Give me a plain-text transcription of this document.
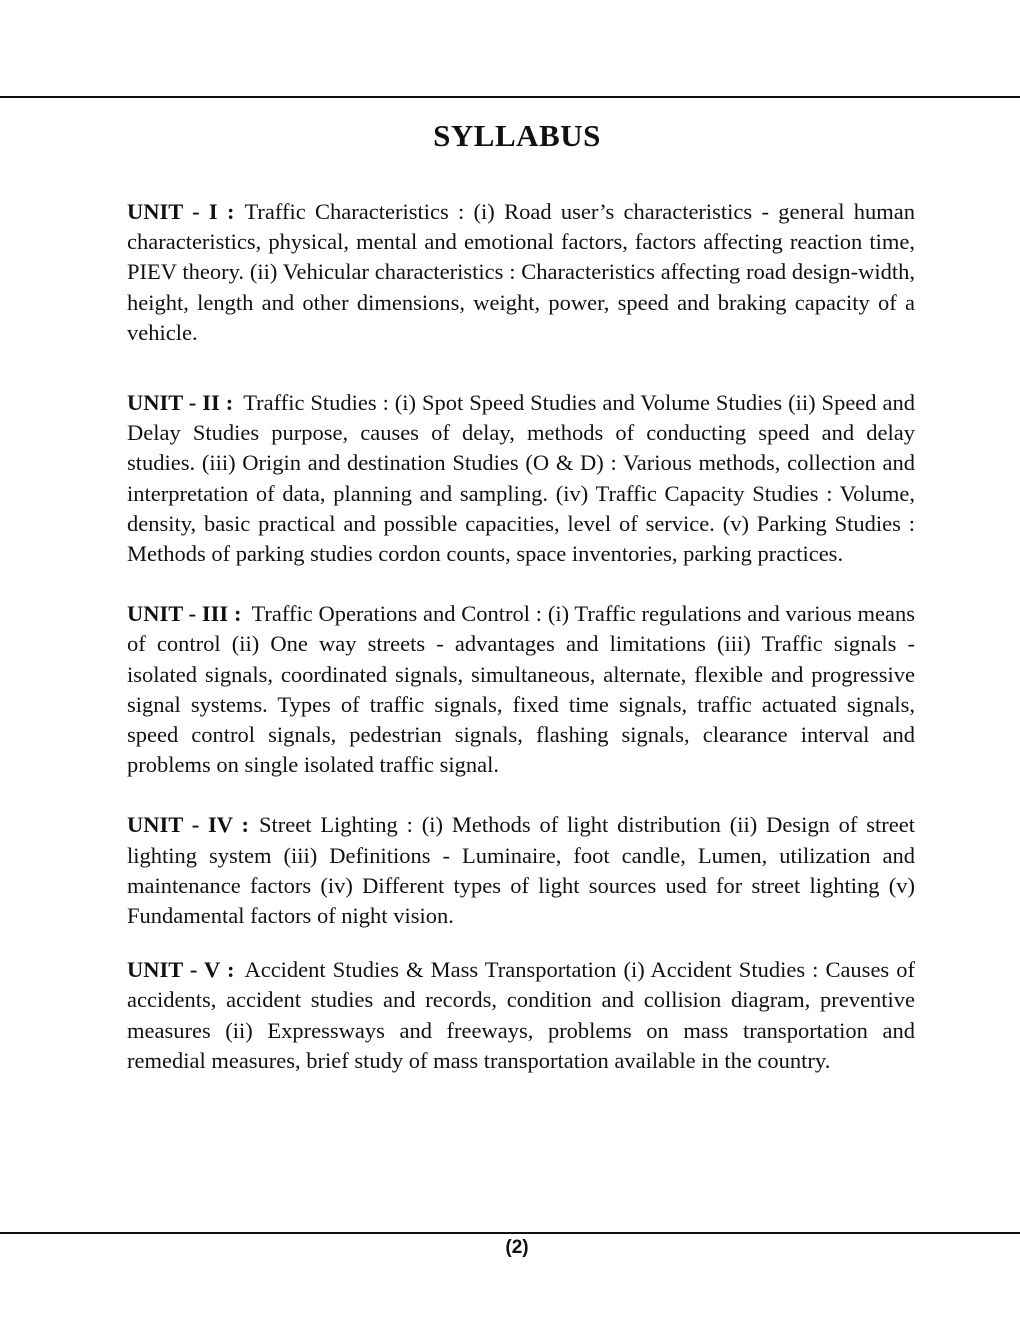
SYLLABUS

UNIT - I : Traffic Characteristics : (i) Road user’s characteristics - general human characteristics, physical, mental and emotional factors, factors affecting reaction time, PIEV theory. (ii) Vehicular characteristics : Characteristics affecting road design-width, height, length and other dimensions, weight, power, speed and braking capacity of a vehicle.

UNIT - II : Traffic Studies : (i) Spot Speed Studies and Volume Studies (ii) Speed and Delay Studies purpose, causes of delay, methods of conducting speed and delay studies. (iii) Origin and destination Studies (O & D) : Various methods, collection and interpretation of data, planning and sampling. (iv) Traffic Capacity Studies : Volume, density, basic practical and possible capacities, level of service. (v) Parking Studies : Methods of parking studies cordon counts, space inventories, parking practices.

UNIT - III : Traffic Operations and Control : (i) Traffic regulations and various means of control (ii) One way streets - advantages and limitations (iii) Traffic signals - isolated signals, coordinated signals, simultaneous, alternate, flexible and progressive signal systems. Types of traffic signals, fixed time signals, traffic actuated signals, speed control signals, pedestrian signals, flashing signals, clearance interval and problems on single isolated traffic signal.

UNIT - IV : Street Lighting : (i) Methods of light distribution (ii) Design of street lighting system (iii) Definitions - Luminaire, foot candle, Lumen, utilization and maintenance factors (iv) Different types of light sources used for street lighting (v) Fundamental factors of night vision.

UNIT - V : Accident Studies & Mass Transportation (i) Accident Studies : Causes of accidents, accident studies and records, condition and collision diagram, preventive measures (ii) Expressways and freeways, problems on mass transportation and remedial measures, brief study of mass transportation available in the country.

(2)
